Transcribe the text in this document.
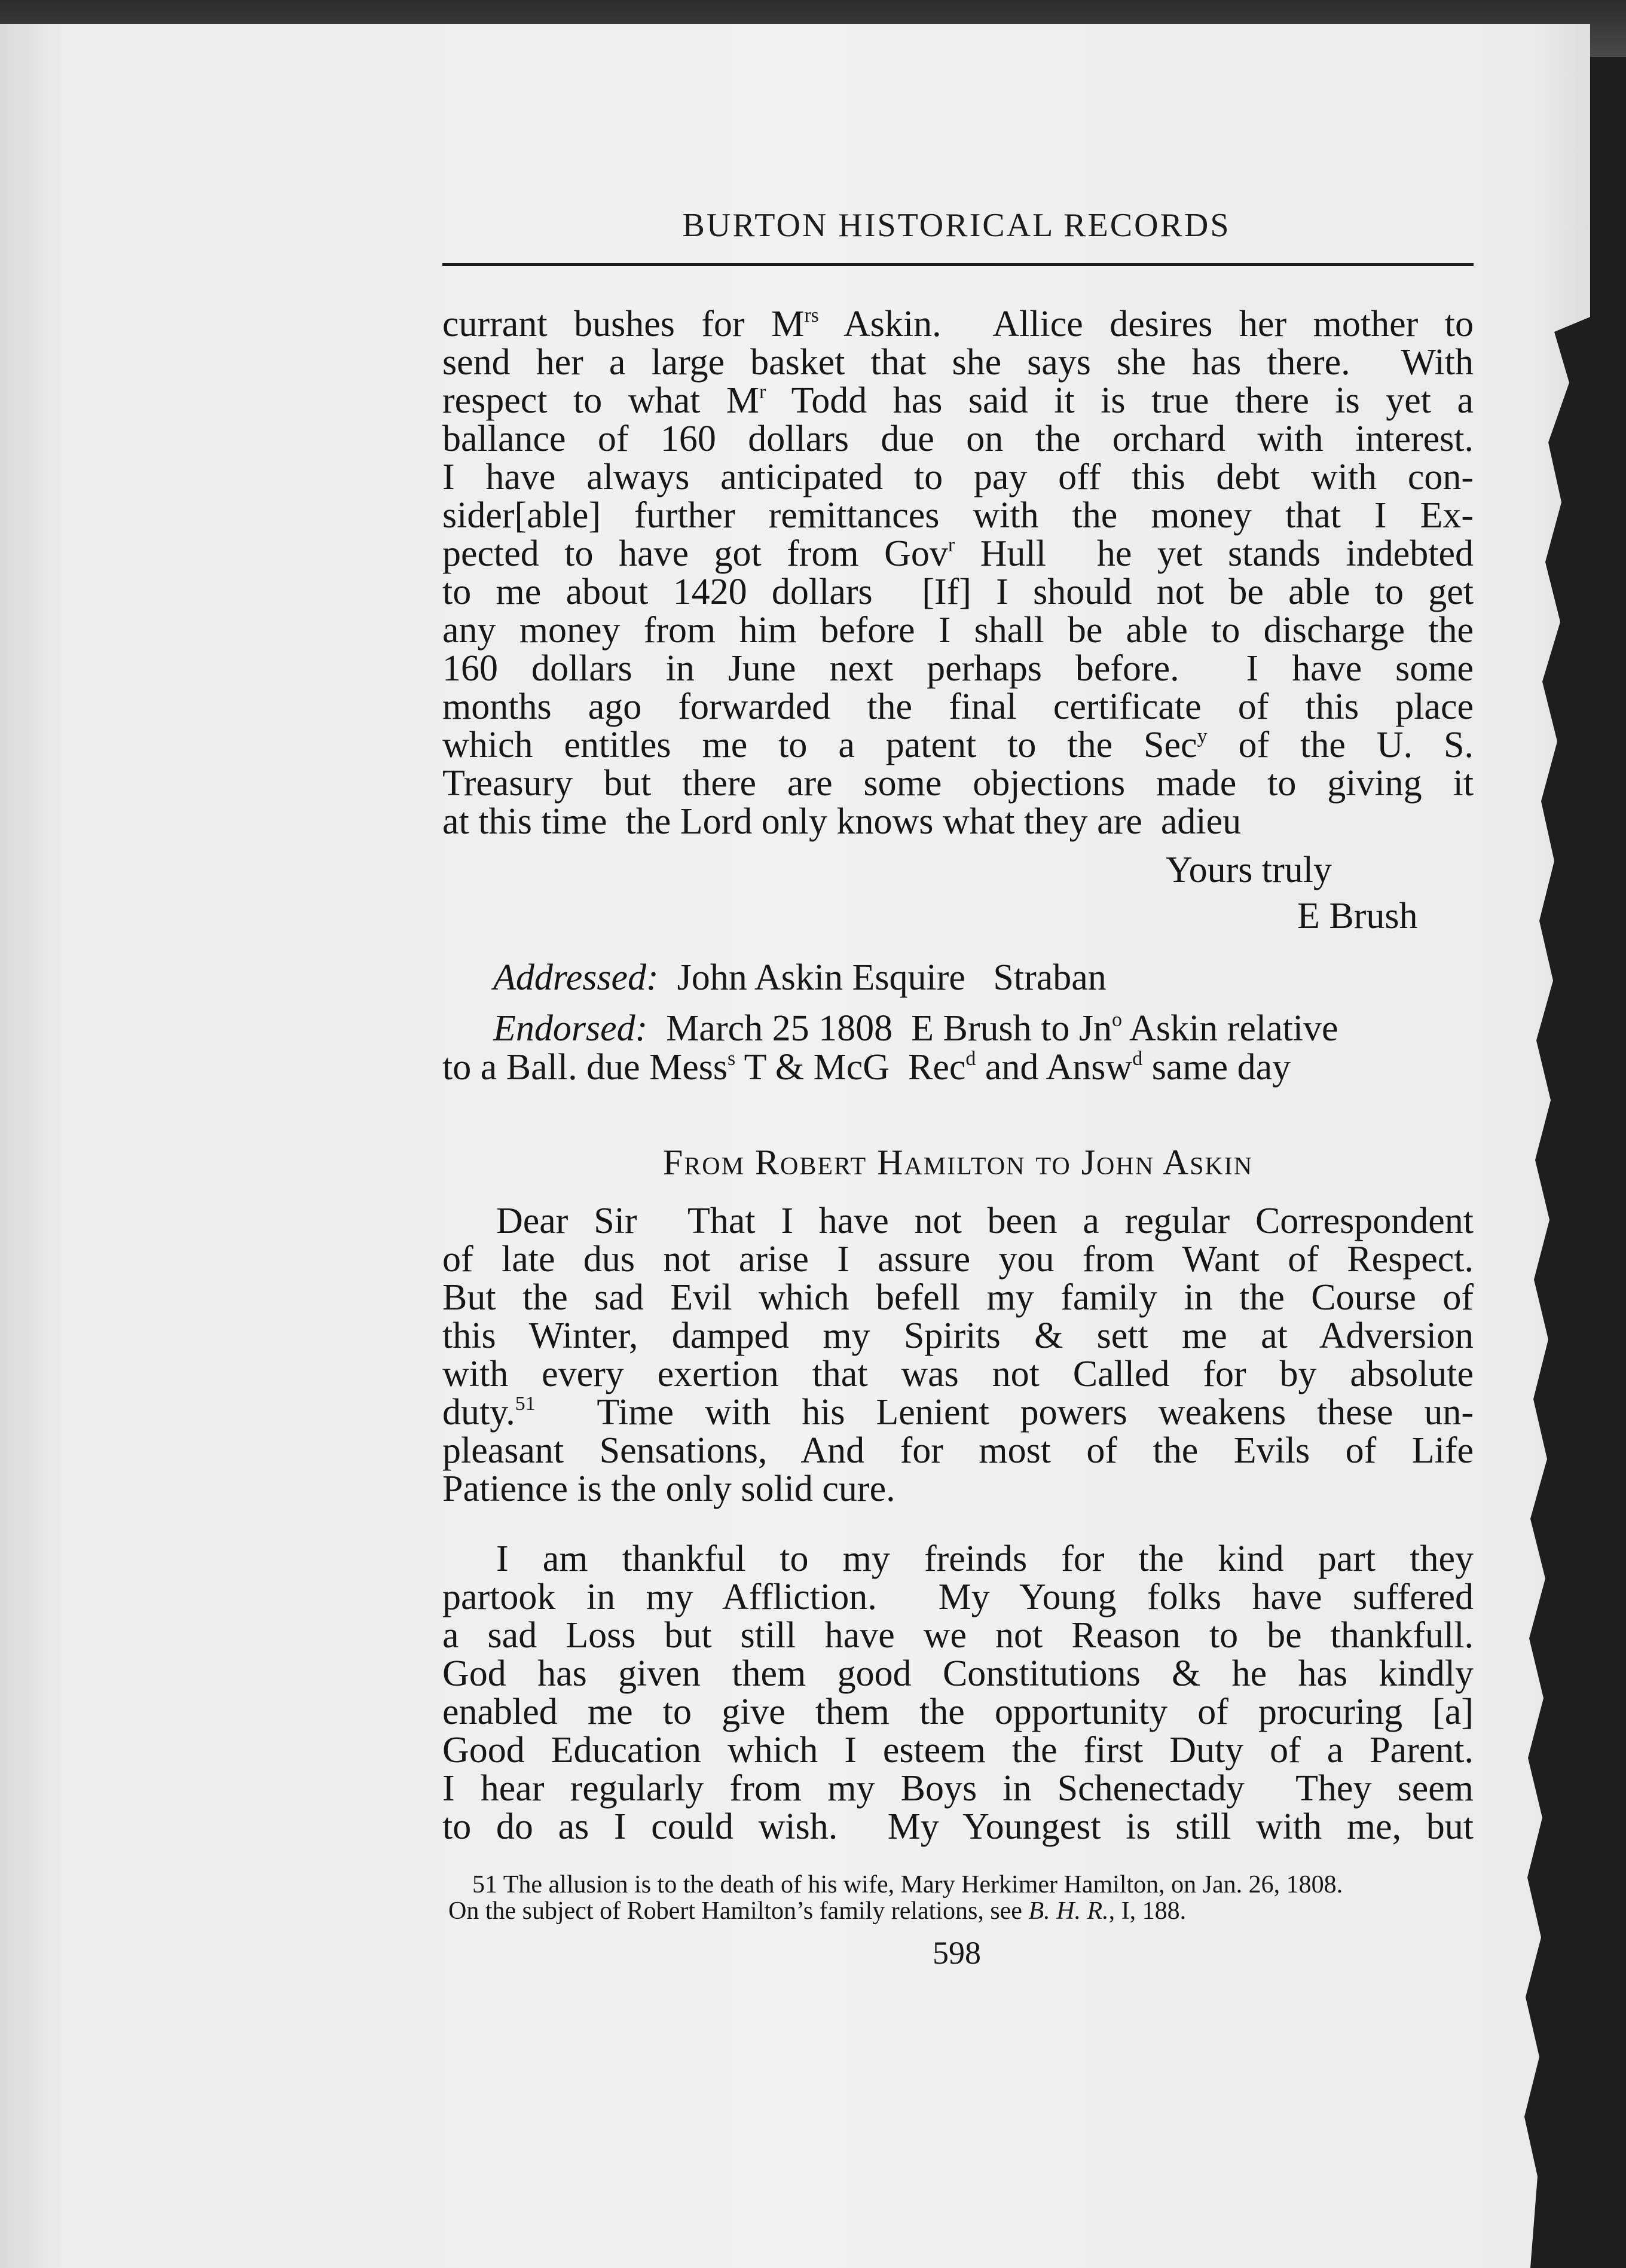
BURTON HISTORICAL RECORDS
currant bushes for $M^{rs}$ Askin.  Allice desires her mother to
send her a large basket that she says she has there.  With
respect to what $M^r$ Todd has said it is true there is yet a
ballance of 160 dollars due on the orchard with interest.
I have always anticipated to pay off this debt with con-
sider[able] further remittances with the money that I Ex-
pected to have got from Gov$^r$ Hull  he yet stands indebted
to me about 1420 dollars  [If] I should not be able to get
any money from him before I shall be able to discharge the
160 dollars in June next perhaps before.  I have some
months ago forwarded the final certificate of this place
which entitles me to a patent to the Sec$^y$ of the U. S.
Treasury but there are some objections made to giving it
at this time  the Lord only knows what they are  adieu
Yours truly
E Brush
Addressed:  John Askin Esquire   Straban
Endorsed:  March 25 1808  E Brush to Jn$^o$ Askin relative
to a Ball. due Mess$^s$ T & McG  Rec$^d$ and Answ$^d$ same day
From Robert Hamilton to John Askin
Dear Sir  That I have not been a regular Correspondent
of late dus not arise I assure you from Want of Respect.
But the sad Evil which befell my family in the Course of
this Winter, damped my Spirits & sett me at Adversion
with every exertion that was not Called for by absolute
duty.$^{51}$  Time with his Lenient powers weakens these un-
pleasant Sensations, And for most of the Evils of Life
Patience is the only solid cure.
I am thankful to my freinds for the kind part they
partook in my Affliction.  My Young folks have suffered
a sad Loss but still have we not Reason to be thankfull.
God has given them good Constitutions & he has kindly
enabled me to give them the opportunity of procuring [a]
Good Education which I esteem the first Duty of a Parent.
I hear regularly from my Boys in Schenectady  They seem
to do as I could wish.  My Youngest is still with me, but
51 The allusion is to the death of his wife, Mary Herkimer Hamilton, on Jan. 26, 1808.
On the subject of Robert Hamilton’s family relations, see B. H. R., I, 188.
598
